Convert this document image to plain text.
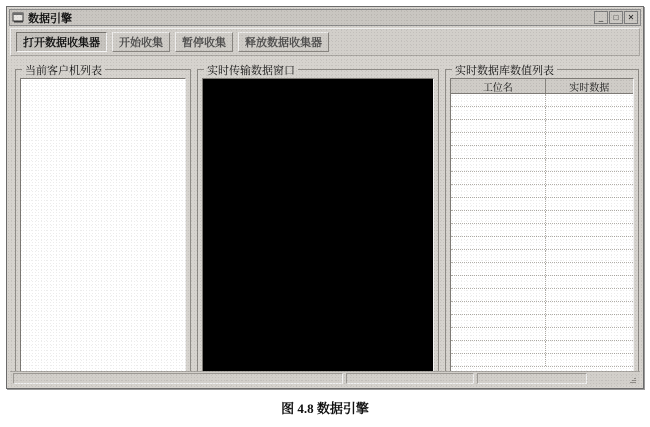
数据引擎	_	□	✕
打开数据收集器	开始收集	暂停收集	释放数据收集器
当前客户机列表	实时传输数据窗口	实时数据库数值列表
工位名	实时数据
图 4.8 数据引擎
